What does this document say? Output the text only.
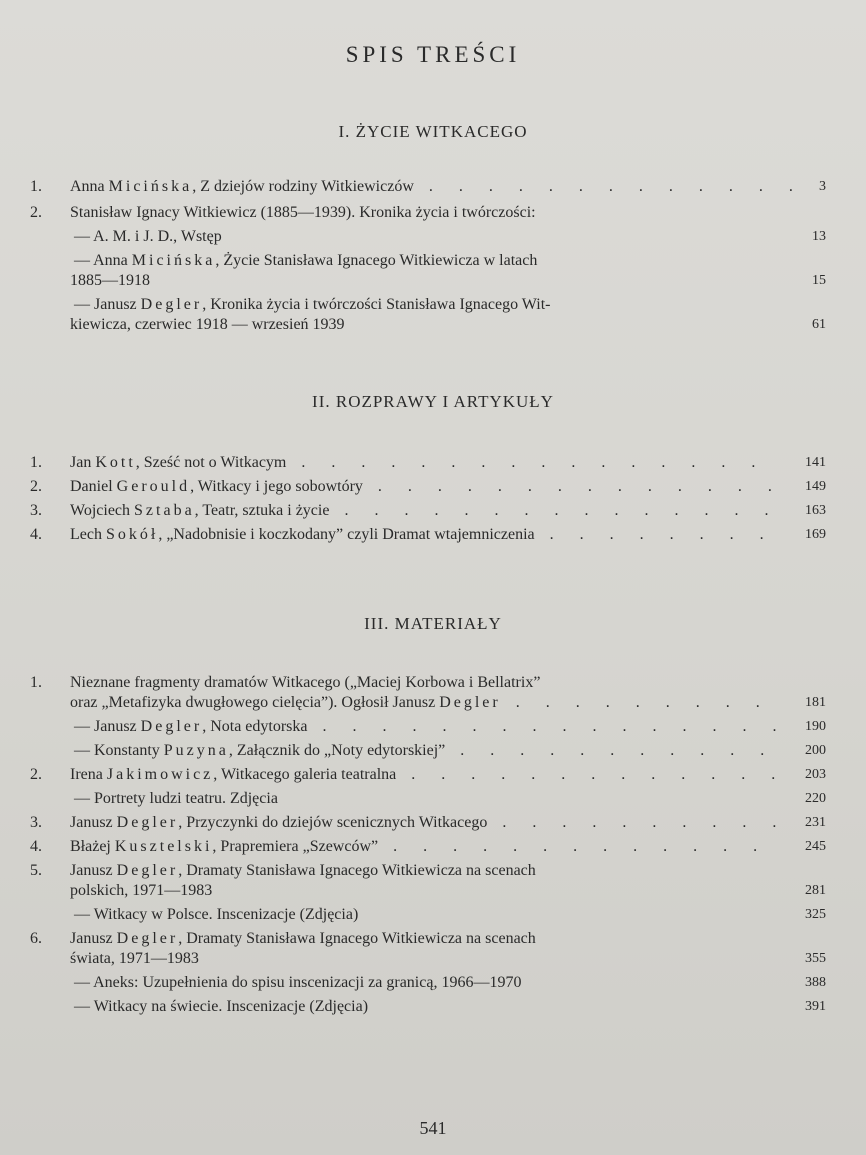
SPIS TREŚCI
I. ŻYCIE WITKACEGO
1.	Anna Micińska, Z dziejów rodziny Witkiewiczów . . . . . . . . . . . . . 3
2.	Stanisław Ignacy Witkiewicz (1885—1939). Kronika życia i twórczości:
— A. M. i J. D., Wstęp	13
— Anna Micińska, Życie Stanisława Ignacego Witkiewicza w latach
1885—1918	15
— Janusz Degler, Kronika życia i twórczości Stanisława Ignacego Wit-
kiewicza, czerwiec 1918 — wrzesień 1939	61
II. ROZPRAWY I ARTYKUŁY
1.	Jan Kott, Sześć not o Witkacym . . . . . . . . . . . . . . . .	141
2.	Daniel Gerould, Witkacy i jego sobowtóry . . . . . . . . . . . . . . 149
3.	Wojciech Sztaba, Teatr, sztuka i życie . . . . . . . . . . . . . . . 163
4.	Lech Sokół, „Nadobnisie i koczkodany” czyli Dramat wtajemniczenia . . . . . . . . 169
III. MATERIAŁY
1.	Nieznane fragmenty dramatów Witkacego („Maciej Korbowa i Bellatrix”
oraz „Metafizyka dwugłowego cielęcia”). Ogłosił Janusz Degler . . . . . . . . . 181
— Janusz Degler, Nota edytorska . . . . . . . . . . . . . . . . 190
— Konstanty Puzyna, Załącznik do „Noty edytorskiej” . . . . . . . . . . . 200
2.	Irena Jakimowicz, Witkacego galeria teatralna . . . . . . . . . . . . . 203
— Portrety ludzi teatru. Zdjęcia	220
3.	Janusz Degler, Przyczynki do dziejów scenicznych Witkacego . . . . . . . . . . 231
4.	Błażej Kusztelski, Prapremiera „Szewców” . . . . . . . . . . . . .	245
5.	Janusz Degler, Dramaty Stanisława Ignacego Witkiewicza na scenach
polskich, 1971—1983	281
— Witkacy w Polsce. Inscenizacje (Zdjęcia)	325
6.	Janusz Degler, Dramaty Stanisława Ignacego Witkiewicza na scenach
świata, 1971—1983	355
— Aneks: Uzupełnienia do spisu inscenizacji za granicą, 1966—1970	388
— Witkacy na świecie. Inscenizacje (Zdjęcia)	391
541
